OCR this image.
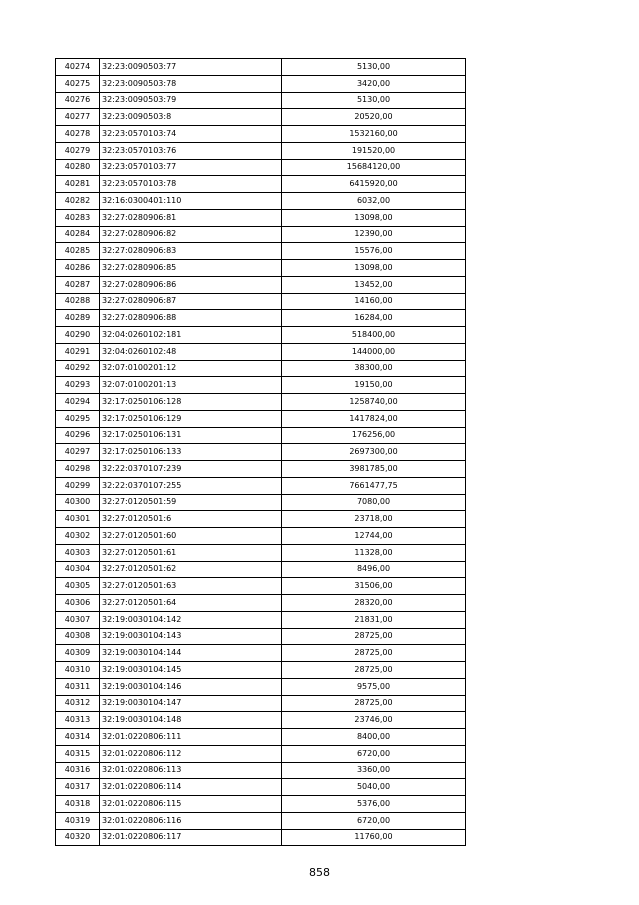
40274	32:23:0090503:77	5130,00
40275	32:23:0090503:78	3420,00
40276	32:23:0090503:79	5130,00
40277	32:23:0090503:8	20520,00
40278	32:23:0570103:74	1532160,00
40279	32:23:0570103:76	191520,00
40280	32:23:0570103:77	15684120,00
40281	32:23:0570103:78	6415920,00
40282	32:16:0300401:110	6032,00
40283	32:27:0280906:81	13098,00
40284	32:27:0280906:82	12390,00
40285	32:27:0280906:83	15576,00
40286	32:27:0280906:85	13098,00
40287	32:27:0280906:86	13452,00
40288	32:27:0280906:87	14160,00
40289	32:27:0280906:88	16284,00
40290	32:04:0260102:181	518400,00
40291	32:04:0260102:48	144000,00
40292	32:07:0100201:12	38300,00
40293	32:07:0100201:13	19150,00
40294	32:17:0250106:128	1258740,00
40295	32:17:0250106:129	1417824,00
40296	32:17:0250106:131	176256,00
40297	32:17:0250106:133	2697300,00
40298	32:22:0370107:239	3981785,00
40299	32:22:0370107:255	7661477,75
40300	32:27:0120501:59	7080,00
40301	32:27:0120501:6	23718,00
40302	32:27:0120501:60	12744,00
40303	32:27:0120501:61	11328,00
40304	32:27:0120501:62	8496,00
40305	32:27:0120501:63	31506,00
40306	32:27:0120501:64	28320,00
40307	32:19:0030104:142	21831,00
40308	32:19:0030104:143	28725,00
40309	32:19:0030104:144	28725,00
40310	32:19:0030104:145	28725,00
40311	32:19:0030104:146	9575,00
40312	32:19:0030104:147	28725,00
40313	32:19:0030104:148	23746,00
40314	32:01:0220806:111	8400,00
40315	32:01:0220806:112	6720,00
40316	32:01:0220806:113	3360,00
40317	32:01:0220806:114	5040,00
40318	32:01:0220806:115	5376,00
40319	32:01:0220806:116	6720,00
40320	32:01:0220806:117	11760,00
858
